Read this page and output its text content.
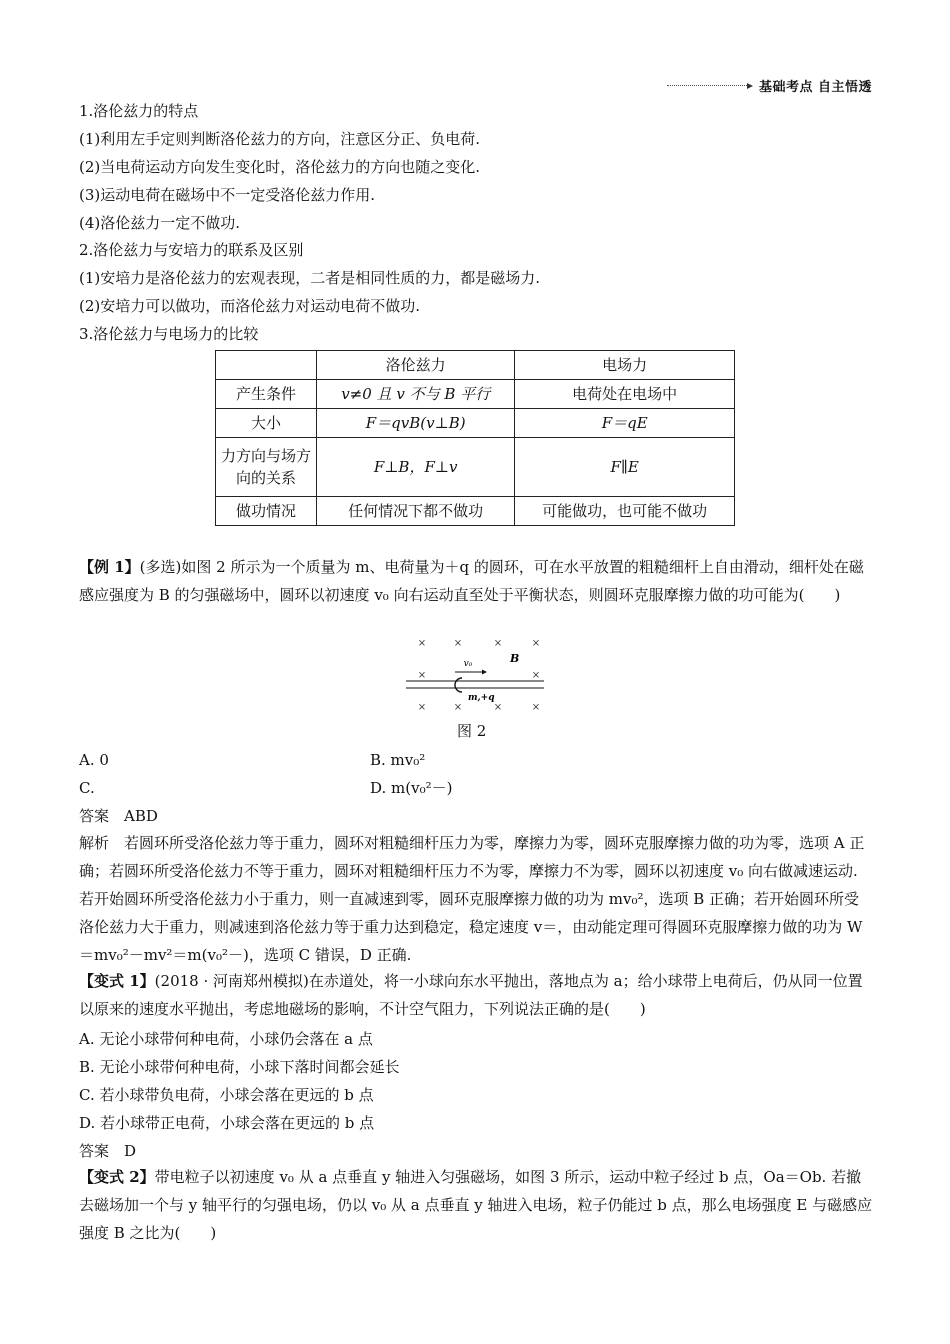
基础考点 自主悟透
1.洛伦兹力的特点
(1)利用左手定则判断洛伦兹力的方向，注意区分正、负电荷.
(2)当电荷运动方向发生变化时，洛伦兹力的方向也随之变化.
(3)运动电荷在磁场中不一定受洛伦兹力作用.
(4)洛伦兹力一定不做功.
2.洛伦兹力与安培力的联系及区别
(1)安培力是洛伦兹力的宏观表现，二者是相同性质的力，都是磁场力.
(2)安培力可以做功，而洛伦兹力对运动电荷不做功.
3.洛伦兹力与电场力的比较
	洛伦兹力	电场力
产生条件	v≠0 且 v 不与 B 平行	电荷处在电场中
大小	F＝qvB(v⊥B)	F＝qE
力方向与场方向的关系	F⊥B，F⊥v	F∥E
做功情况	任何情况下都不做功	可能做功，也可能不做功
【例 1】(多选)如图 2 所示为一个质量为 m、电荷量为＋q 的圆环，可在水平放置的粗糙细杆上自由滑动，细杆处在磁感应强度为 B 的匀强磁场中，圆环以初速度 v₀ 向右运动直至处于平衡状态，则圆环克服摩擦力做的功可能为(　　)
×	×	×	×
×	×
×	×	×	×
v₀	B
m,+q
图 2
A. 0	B. mv₀²
C.	D. m(v₀²－)
答案　ABD
解析　若圆环所受洛伦兹力等于重力，圆环对粗糙细杆压力为零，摩擦力为零，圆环克服摩擦力做的功为零，选项 A 正确；若圆环所受洛伦兹力不等于重力，圆环对粗糙细杆压力不为零，摩擦力不为零，圆环以初速度 v₀ 向右做减速运动. 若开始圆环所受洛伦兹力小于重力，则一直减速到零，圆环克服摩擦力做的功为 mv₀²，选项 B 正确；若开始圆环所受洛伦兹力大于重力，则减速到洛伦兹力等于重力达到稳定，稳定速度 v＝，由动能定理可得圆环克服摩擦力做的功为 W＝mv₀²－mv²＝m(v₀²－)，选项 C 错误，D 正确.
【变式 1】(2018 · 河南郑州模拟)在赤道处，将一小球向东水平抛出，落地点为 a；给小球带上电荷后，仍从同一位置以原来的速度水平抛出，考虑地磁场的影响，不计空气阻力，下列说法正确的是(　　)
A. 无论小球带何种电荷，小球仍会落在 a 点
B. 无论小球带何种电荷，小球下落时间都会延长
C. 若小球带负电荷，小球会落在更远的 b 点
D. 若小球带正电荷，小球会落在更远的 b 点
答案　D
【变式 2】带电粒子以初速度 v₀ 从 a 点垂直 y 轴进入匀强磁场，如图 3 所示，运动中粒子经过 b 点，Oa＝Ob. 若撤去磁场加一个与 y 轴平行的匀强电场，仍以 v₀ 从 a 点垂直 y 轴进入电场，粒子仍能过 b 点，那么电场强度 E 与磁感应强度 B 之比为(　　)
